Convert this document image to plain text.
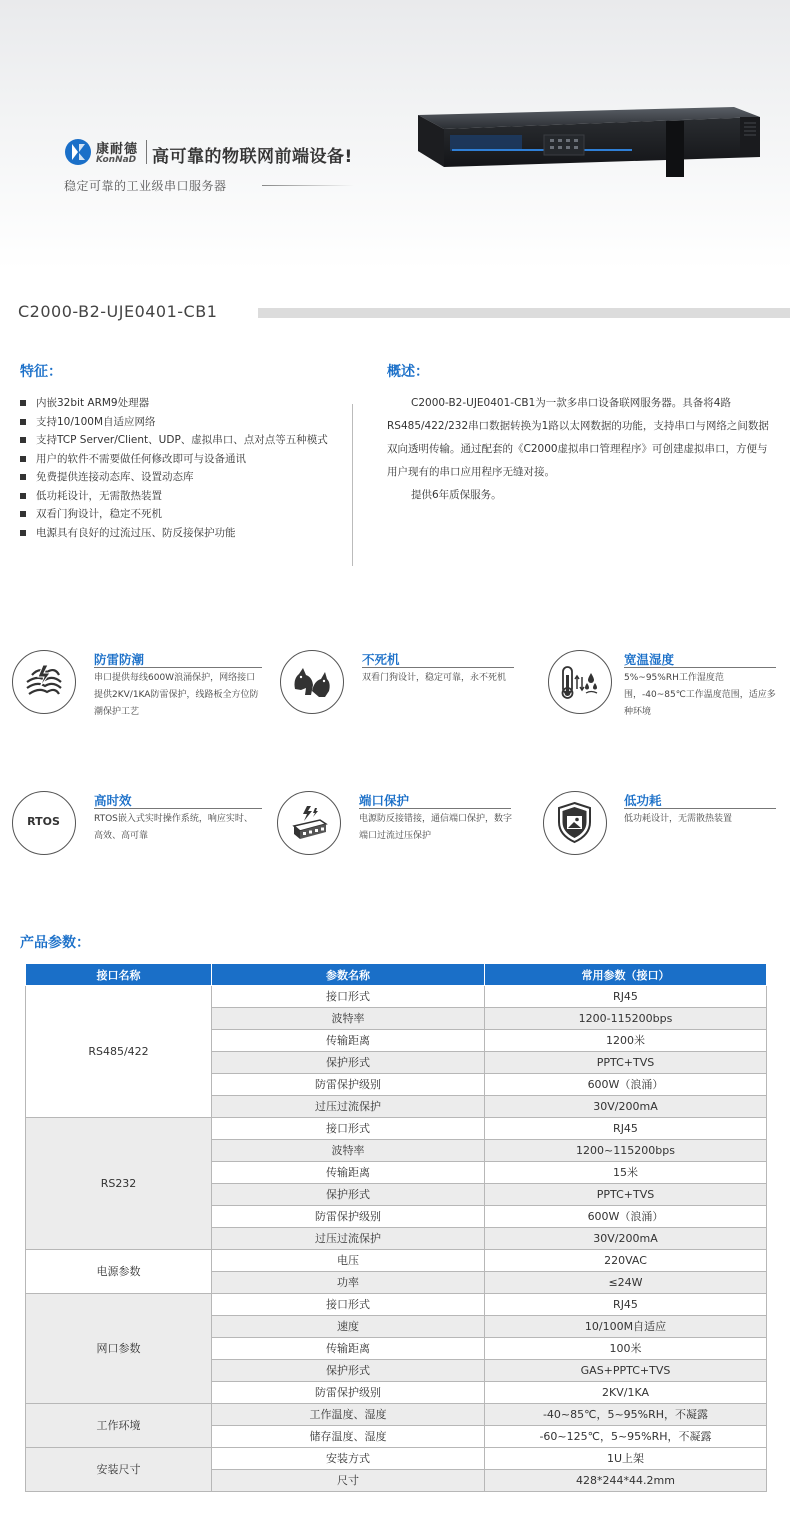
康耐德
KonNaD 高可靠的物联网前端设备!
稳定可靠的工业级串口服务器
C2000-B2-UJE0401-CB1
特征：
内嵌32bit ARM9处理器
支持10/100M自适应网络
支持TCP Server/Client、UDP、虚拟串口、点对点等五种模式
用户的软件不需要做任何修改即可与设备通讯
免费提供连接动态库、设置动态库
低功耗设计，无需散热装置
双看门狗设计，稳定不死机
电源具有良好的过流过压、防反接保护功能
概述：

C2000-B2-UJE0401-CB1为一款多串口设备联网服务器。具备将4路RS485/422/232串口数据转换为1路以太网数据的功能，支持串口与网络之间数据双向透明传输。通过配套的《C2000虚拟串口管理程序》可创建虚拟串口，方便与用户现有的串口应用程序无缝对接。

提供6年质保服务。

防雷防潮
串口提供每线600W浪涌保护，网络接口提供2KV/1KA防雷保护，线路板全方位防潮保护工艺
不死机
双看门狗设计，稳定可靠，永不死机
宽温湿度
5%~95%RH工作湿度范围，-40~85℃工作温度范围，适应多种环境
RTOS
高时效
RTOS嵌入式实时操作系统，响应实时、高效、高可靠
端口保护
电源防反接错接，通信端口保护，数字端口过流过压保护
低功耗
低功耗设计，无需散热装置
产品参数：
接口名称	参数名称	常用参数（接口）
RS485/422	接口形式	RJ45
	波特率	1200-115200bps
	传输距离	1200米
	保护形式	PPTC+TVS
	防雷保护级别	600W（浪涌）
	过压过流保护	30V/200mA
RS232	接口形式	RJ45
	波特率	1200~115200bps
	传输距离	15米
	保护形式	PPTC+TVS
	防雷保护级别	600W（浪涌）
	过压过流保护	30V/200mA
电源参数	电压	220VAC
	功率	≤24W
网口参数	接口形式	RJ45
	速度	10/100M自适应
	传输距离	100米
	保护形式	GAS+PPTC+TVS
	防雷保护级别	2KV/1KA
工作环境	工作温度、湿度	-40~85℃，5~95%RH，不凝露
	储存温度、湿度	-60~125℃，5~95%RH，不凝露
安装尺寸	安装方式	1U上架
	尺寸	428*244*44.2mm
